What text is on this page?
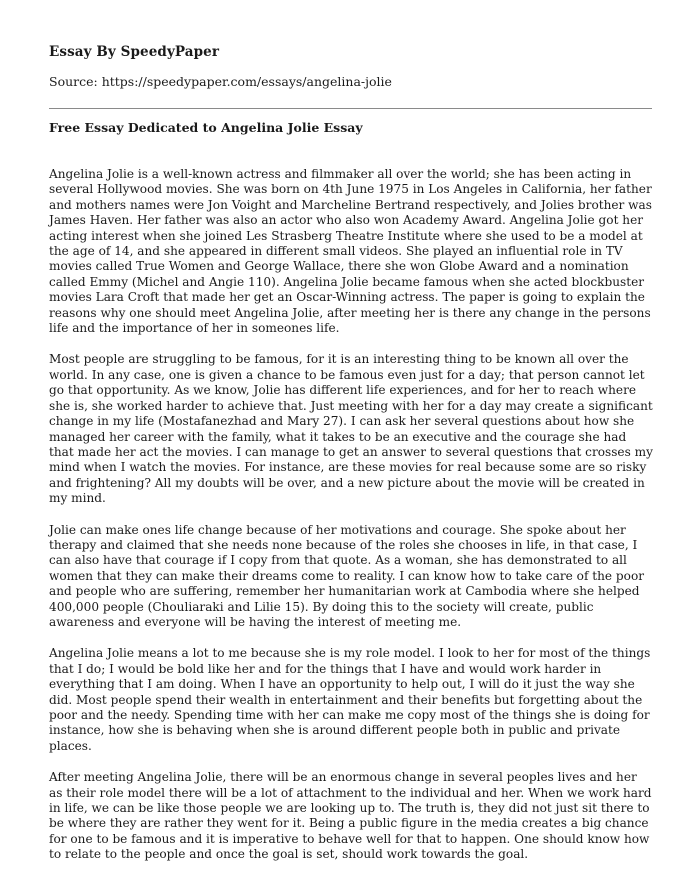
Essay By SpeedyPaper
Source: https://speedypaper.com/essays/angelina-jolie
Free Essay Dedicated to Angelina Jolie Essay

Angelina Jolie is a well-known actress and filmmaker all over the world; she has been acting in several Hollywood movies. She was born on 4th June 1975 in Los Angeles in California, her father and mothers names were Jon Voight and Marcheline Bertrand respectively, and Jolies brother was James Haven. Her father was also an actor who also won Academy Award. Angelina Jolie got her acting interest when she joined Les Strasberg Theatre Institute where she used to be a model at the age of 14, and she appeared in different small videos. She played an influential role in TV movies called True Women and George Wallace, there she won Globe Award and a nomination called Emmy (Michel and Angie 110). Angelina Jolie became famous when she acted blockbuster movies Lara Croft that made her get an Oscar-Winning actress. The paper is going to explain the reasons why one should meet Angelina Jolie, after meeting her is there any change in the persons life and the importance of her in someones life.

Most people are struggling to be famous, for it is an interesting thing to be known all over the world. In any case, one is given a chance to be famous even just for a day; that person cannot let go that opportunity. As we know, Jolie has different life experiences, and for her to reach where she is, she worked harder to achieve that. Just meeting with her for a day may create a significant change in my life (Mostafanezhad and Mary 27). I can ask her several questions about how she managed her career with the family, what it takes to be an executive and the courage she had that made her act the movies. I can manage to get an answer to several questions that crosses my mind when I watch the movies. For instance, are these movies for real because some are so risky and frightening? All my doubts will be over, and a new picture about the movie will be created in my mind.

Jolie can make ones life change because of her motivations and courage. She spoke about her therapy and claimed that she needs none because of the roles she chooses in life, in that case, I can also have that courage if I copy from that quote. As a woman, she has demonstrated to all women that they can make their dreams come to reality. I can know how to take care of the poor and people who are suffering, remember her humanitarian work at Cambodia where she helped 400,000 people (Chouliaraki and Lilie 15). By doing this to the society will create, public awareness and everyone will be having the interest of meeting me.

Angelina Jolie means a lot to me because she is my role model. I look to her for most of the things that I do; I would be bold like her and for the things that I have and would work harder in everything that I am doing. When I have an opportunity to help out, I will do it just the way she did. Most people spend their wealth in entertainment and their benefits but forgetting about the poor and the needy. Spending time with her can make me copy most of the things she is doing for instance, how she is behaving when she is around different people both in public and private places.

After meeting Angelina Jolie, there will be an enormous change in several peoples lives and her as their role model there will be a lot of attachment to the individual and her. When we work hard in life, we can be like those people we are looking up to. The truth is, they did not just sit there to be where they are rather they went for it. Being a public figure in the media creates a big chance for one to be famous and it is imperative to behave well for that to happen. One should know how to relate to the people and once the goal is set, should work towards the goal.
